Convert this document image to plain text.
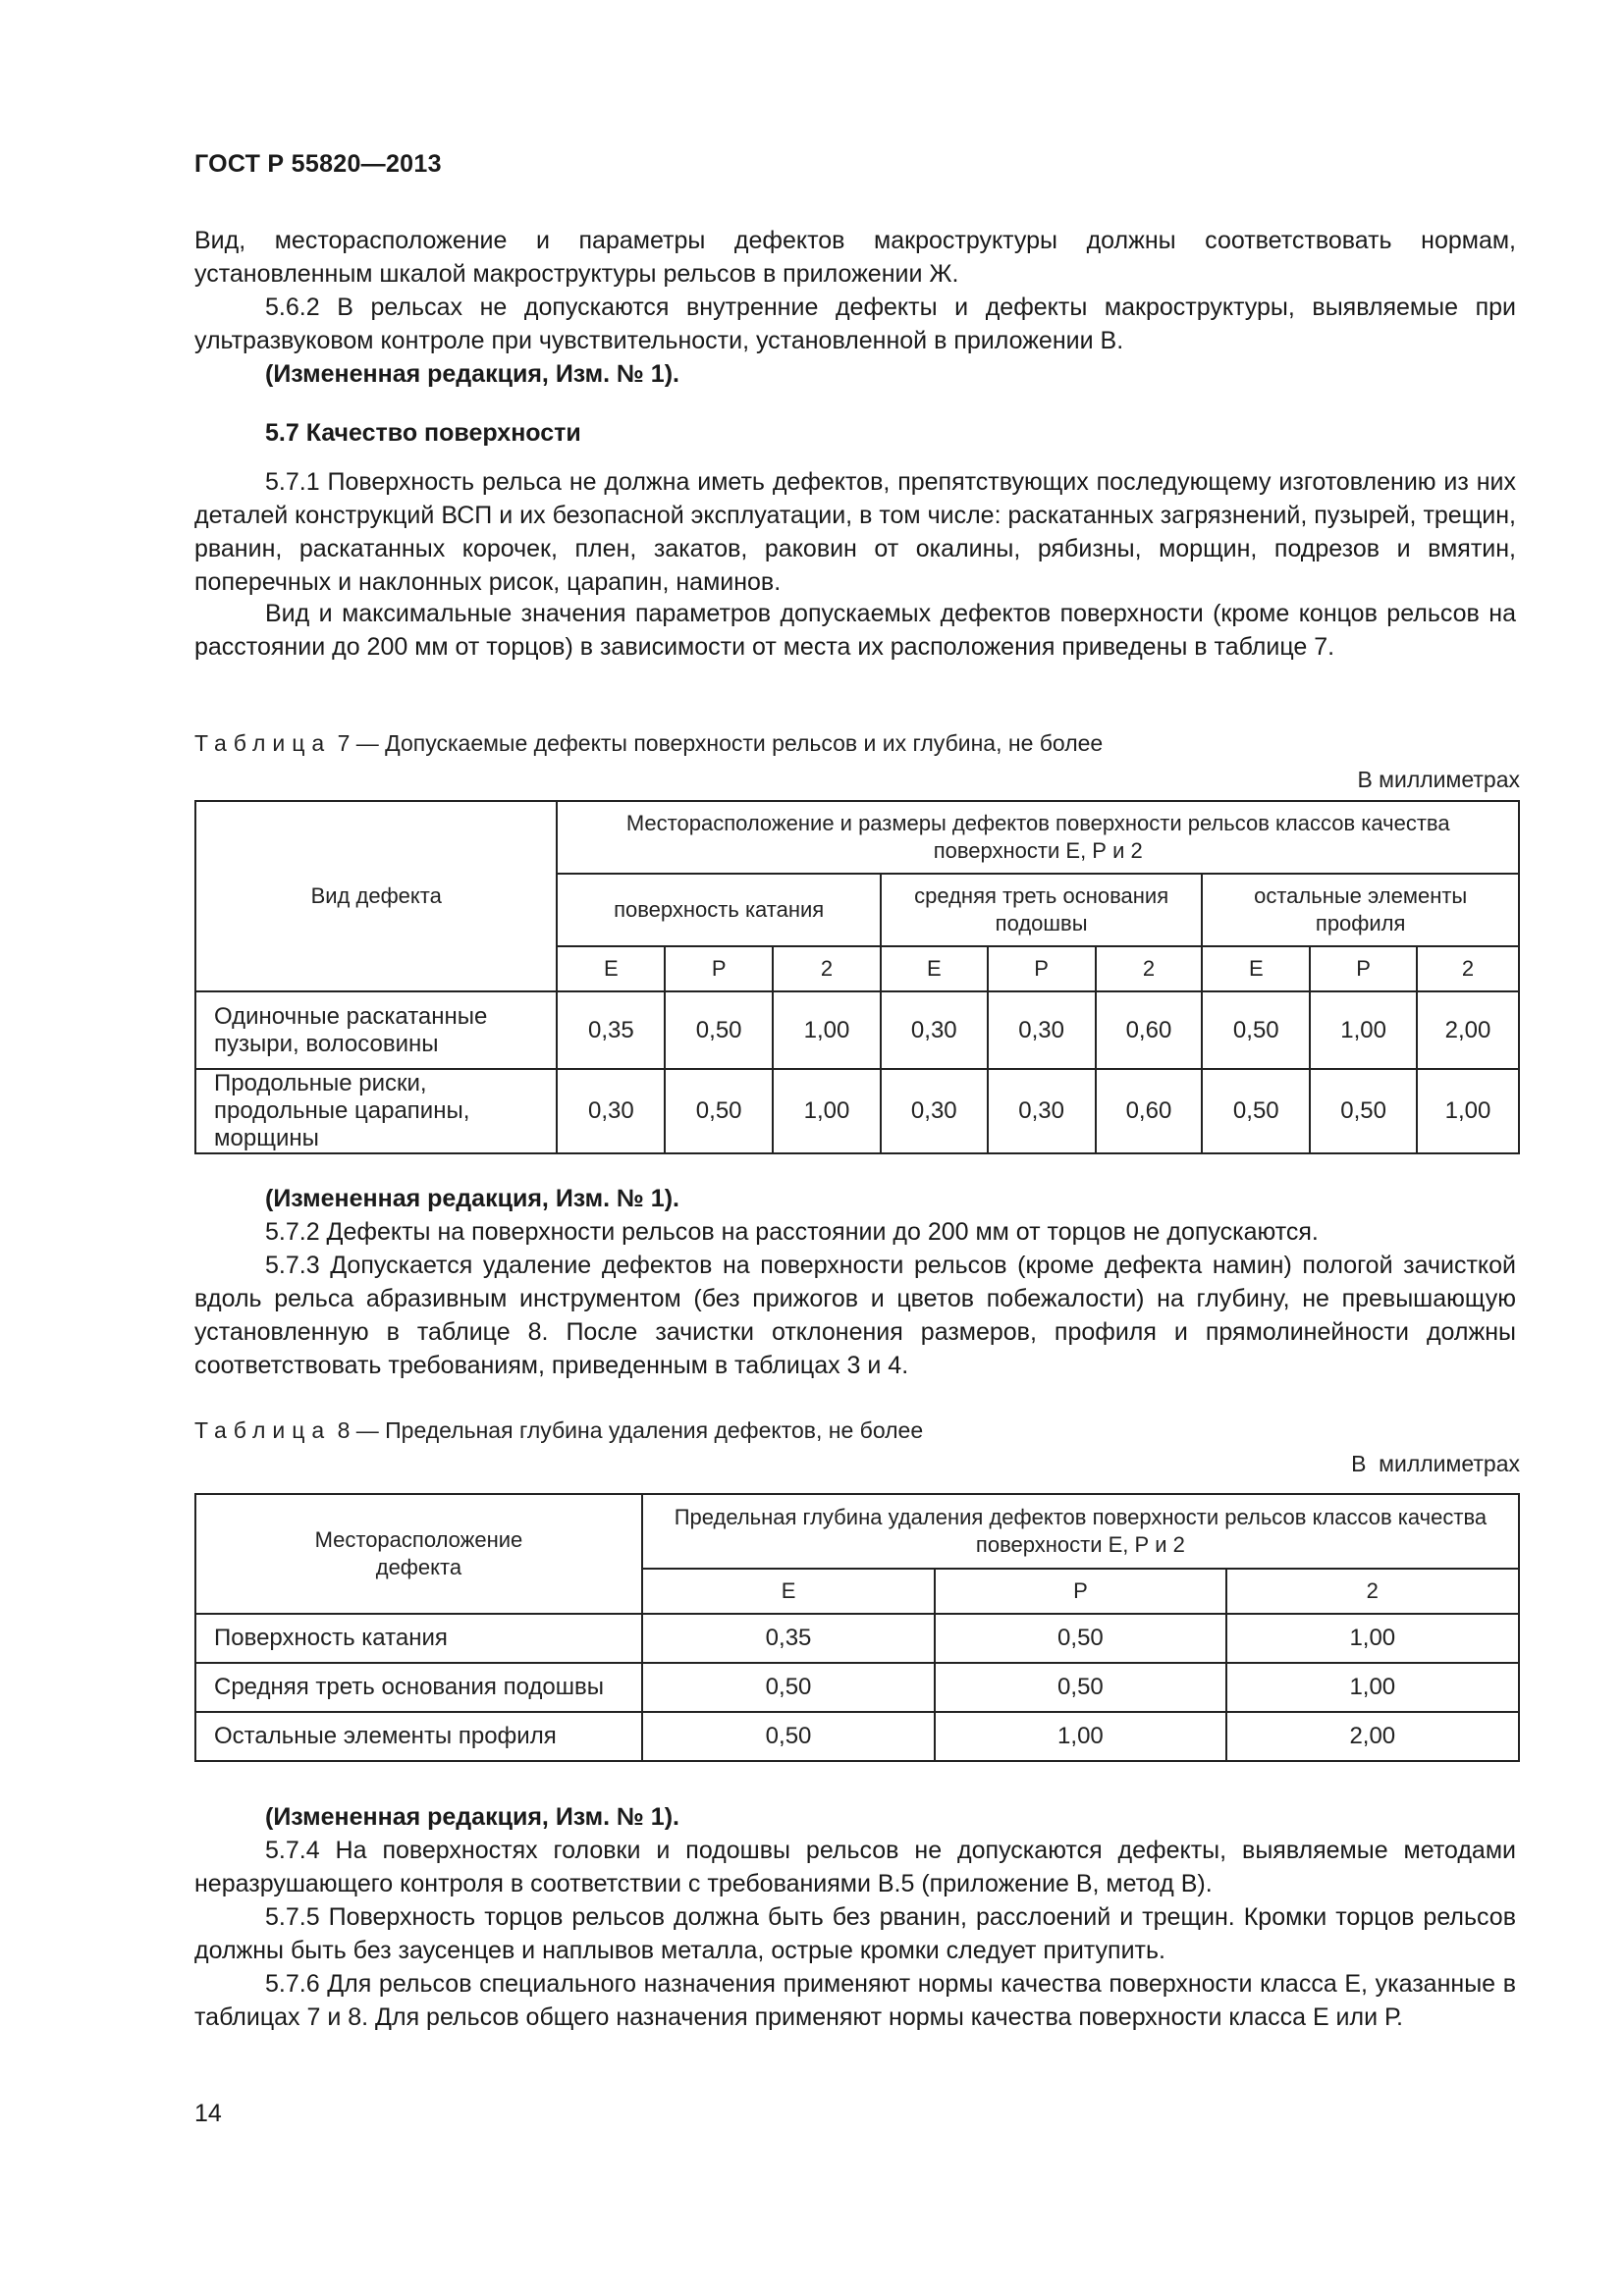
ГОСТ Р 55820—2013

Вид, месторасположение и параметры дефектов макроструктуры должны соответствовать нормам, установленным шкалой макроструктуры рельсов в приложении Ж.

5.6.2 В рельсах не допускаются внутренние дефекты и дефекты макроструктуры, выявляемые при ультразвуковом контроле при чувствительности, установленной в приложении В.

(Измененная редакция, Изм. № 1).

5.7 Качество поверхности

5.7.1 Поверхность рельса не должна иметь дефектов, препятствующих последующему изготовлению из них деталей конструкций ВСП и их безопасной эксплуатации, в том числе: раскатанных загрязнений, пузырей, трещин, рванин, раскатанных корочек, плен, закатов, раковин от окалины, рябизны, морщин, подрезов и вмятин, поперечных и наклонных рисок, царапин, наминов.

Вид и максимальные значения параметров допускаемых дефектов поверхности (кроме концов рельсов на расстоянии до 200 мм от торцов) в зависимости от места их расположения приведены в таблице 7.

Таблица 7 — Допускаемые дефекты поверхности рельсов и их глубина, не более
В миллиметрах
Вид дефекта	Месторасположение и размеры дефектов поверхности рельсов классов качества поверхности Е, Р и 2								
	поверхность катания			средняя треть основания подошвы			остальные элементы профиля		
	Е	Р	2	Е	Р	2	Е	Р	2
Одиночные раскатанные пузыри, волосовины	0,35	0,50	1,00	0,30	0,30	0,60	0,50	1,00	2,00
Продольные риски, продольные царапины, морщины	0,30	0,50	1,00	0,30	0,30	0,60	0,50	0,50	1,00

(Измененная редакция, Изм. № 1).

5.7.2 Дефекты на поверхности рельсов на расстоянии до 200 мм от торцов не допускаются.

5.7.3 Допускается удаление дефектов на поверхности рельсов (кроме дефекта намин) пологой зачисткой вдоль рельса абразивным инструментом (без прижогов и цветов побежалости) на глубину, не превышающую установленную в таблице 8. После зачистки отклонения размеров, профиля и прямолинейности должны соответствовать требованиям, приведенным в таблицах 3 и 4.

Таблица 8 — Предельная глубина удаления дефектов, не более
В  миллиметрах
Месторасположение дефекта	Предельная глубина удаления дефектов поверхности рельсов классов качества поверхности Е, Р и 2		
	Е	Р	2
Поверхность катания	0,35	0,50	1,00
Средняя треть основания подошвы	0,50	0,50	1,00
Остальные элементы профиля	0,50	1,00	2,00

(Измененная редакция, Изм. № 1).

5.7.4 На поверхностях головки и подошвы рельсов не допускаются дефекты, выявляемые методами неразрушающего контроля в соответствии с требованиями В.5 (приложение В, метод В).

5.7.5 Поверхность торцов рельсов должна быть без рванин, расслоений и трещин. Кромки торцов рельсов должны быть без заусенцев и наплывов металла, острые кромки следует притупить.

5.7.6 Для рельсов специального назначения применяют нормы качества поверхности класса Е, указанные в таблицах 7 и 8. Для рельсов общего назначения применяют нормы качества поверхности класса Е или Р.

14
